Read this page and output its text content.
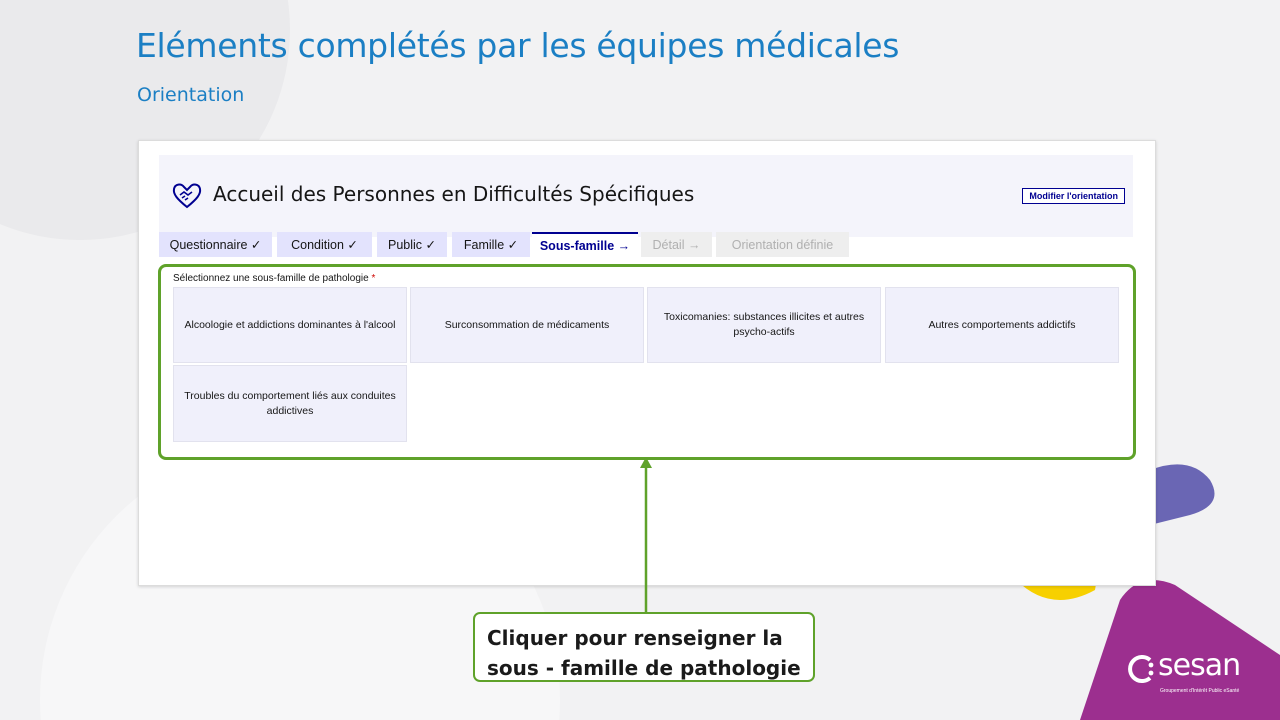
Eléments complétés par les équipes médicales
Orientation
Accueil des Personnes en Difficultés Spécifiques	Modifier l'orientation
Questionnaire ✓	Condition ✓	Public ✓	Famille ✓	Sous-famille →	Détail →	Orientation définie
Sélectionnez une sous-famille de pathologie *
Alcoologie et addictions dominantes à l'alcool	Surconsommation de médicaments
Toxicomanies: substances illicites et autres psycho-actifs
Autres comportements addictifs
Troubles du comportement liés aux conduites addictives
Cliquer pour renseigner la
sous - famille de pathologie	sesan
Groupement d'Intérêt Public eSanté
